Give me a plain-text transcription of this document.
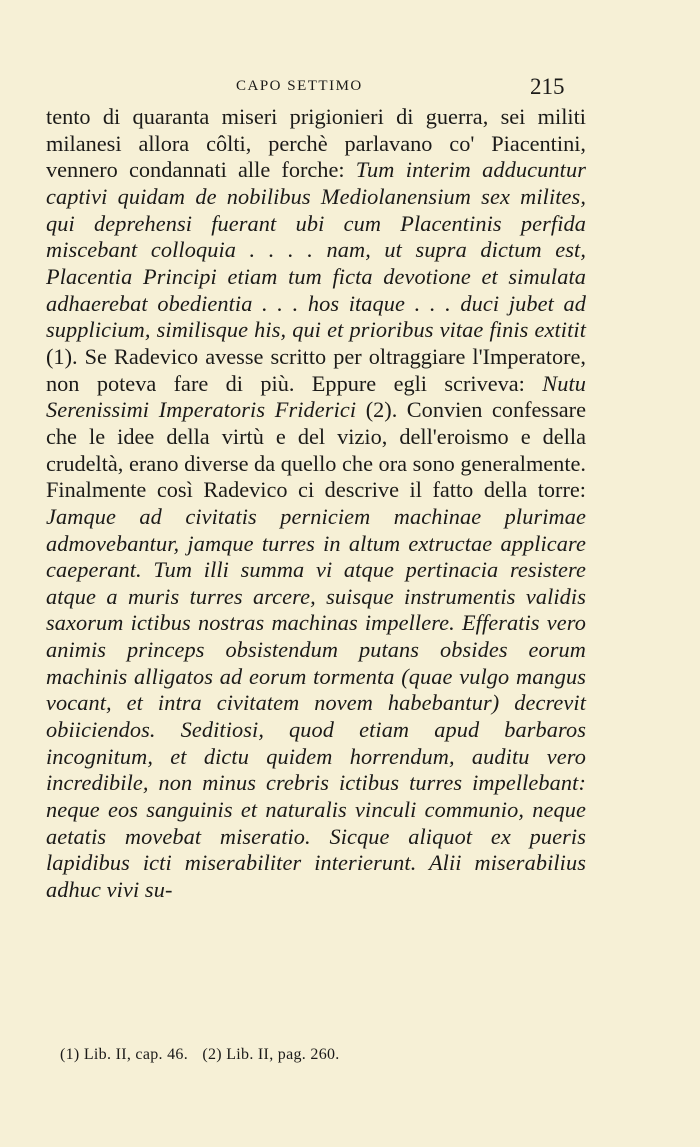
CAPO SETTIMO	215
tento di quaranta miseri prigionieri di guerra, sei militi milanesi allora côlti, perchè parlavano co' Piacentini, vennero condannati alle forche: Tum interim adducuntur captivi quidam de nobilibus Mediolanensium sex milites, qui deprehensi fuerant ubi cum Placentinis perfida miscebant colloquia . . . . nam, ut supra dictum est, Placentia Principi etiam tum ficta devotione et simulata adhaerebat obedientia . . . hos itaque . . . duci jubet ad supplicium, similisque his, qui et prioribus vitae finis extitit (1). Se Radevico avesse scritto per oltraggiare l'Imperatore, non poteva fare di più. Eppure egli scriveva: Nutu Serenissimi Imperatoris Friderici (2). Convien confessare che le idee della virtù e del vizio, dell'eroismo e della crudeltà, erano diverse da quello che ora sono generalmente. Finalmente così Radevico ci descrive il fatto della torre: Jamque ad civitatis perniciem machinae plurimae admovebantur, jamque turres in altum extructae applicare caeperant. Tum illi summa vi atque pertinacia resistere atque a muris turres arcere, suisque instrumentis validis saxorum ictibus nostras machinas impellere. Efferatis vero animis princeps obsistendum putans obsides eorum machinis alligatos ad eorum tormenta (quae vulgo mangus vocant, et intra civitatem novem habebantur) decrevit obiiciendos. Seditiosi, quod etiam apud barbaros incognitum, et dictu quidem horrendum, auditu vero incredibile, non minus crebris ictibus turres impellebant: neque eos sanguinis et naturalis vinculi communio, neque aetatis movebat miseratio. Sicque aliquot ex pueris lapidibus icti miserabiliter interierunt. Alii miserabilius adhuc vivi su-
(1) Lib. II, cap. 46. (2) Lib. II, pag. 260.
